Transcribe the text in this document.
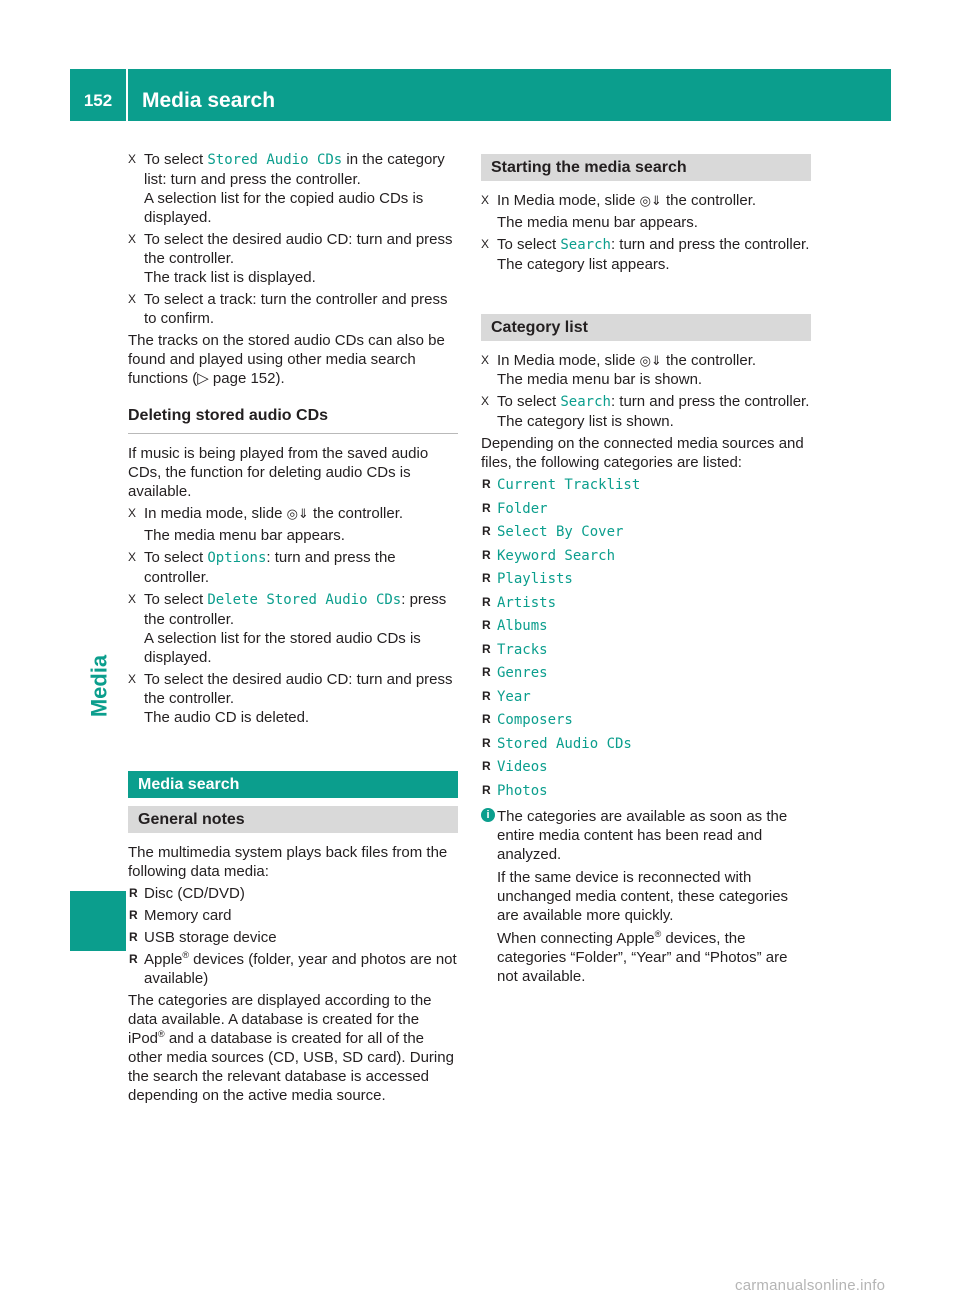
152	Media search
Media
X To select Stored Audio CDs in the category list: turn and press the controller.
A selection list for the copied audio CDs is displayed.
X To select the desired audio CD: turn and press the controller.
The track list is displayed.
X To select a track: turn the controller and press to confirm.

The tracks on the stored audio CDs can also be found and played using other media search functions (▷ page 152).

Deleting stored audio CDs

If music is being played from the saved audio CDs, the function for deleting audio CDs is available.

X In media mode, slide ◎⇓ the controller.

The media menu bar appears.

X To select Options: turn and press the controller.
X To select Delete Stored Audio CDs: press the controller.
A selection list for the stored audio CDs is displayed.
X To select the desired audio CD: turn and press the controller.
The audio CD is deleted.
Media search
General notes

The multimedia system plays back files from the following data media:

R Disc (CD/DVD)
R Memory card
R USB storage device
R Apple® devices (folder, year and photos are not available)

The categories are displayed according to the data available. A database is created for the iPod® and a database is created for all of the other media sources (CD, USB, SD card). During the search the relevant database is accessed depending on the active media source.

Starting the media search
X In Media mode, slide ◎⇓ the controller.

The media menu bar appears.

X To select Search: turn and press the controller.
The category list appears.
Category list
X In Media mode, slide ◎⇓ the controller.
The media menu bar is shown.
X To select Search: turn and press the controller.
The category list is shown.

Depending on the connected media sources and files, the following categories are listed:

R Current Tracklist
R Folder
R Select By Cover
R Keyword Search
R Playlists
R Artists
R Albums
R Tracks
R Genres
R Year
R Composers
R Stored Audio CDs
R Videos
R Photos
i The categories are available as soon as the entire media content has been read and analyzed.

If the same device is reconnected with unchanged media content, these categories are available more quickly.

When connecting Apple® devices, the categories “Folder”, “Year” and “Photos” are not available.

carmanualsonline.info
